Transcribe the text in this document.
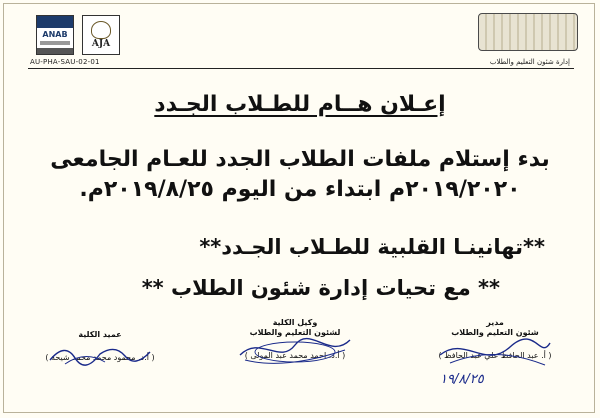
ANAB
AJA
AU-PHA-SAU-02-01	إدارة شئون التعليم والطلاب
إعـلان هــام للطـلاب الجـدد
بدء إستلام ملفات الطلاب الجدد للعـام الجامعى
٢٠١٩/٢٠٢٠م ابتداء من اليوم ٢٠١٩/٨/٢٥م.
**تهانينـا القلبية للطـلاب الجـدد**
** مع تحيات إدارة شئون الطلاب **
عميد الكلية
( أ.د. محمود محمد محمد شيحة )
وكيل الكلية
لشئون التعليم والطلاب
( أ.د. احمد محمد عبد المولى )
مدير
شئون التعليم والطلاب
( أ. عبد الحافظ علي عبد الحافظ )
١٩/٨/٢٥
